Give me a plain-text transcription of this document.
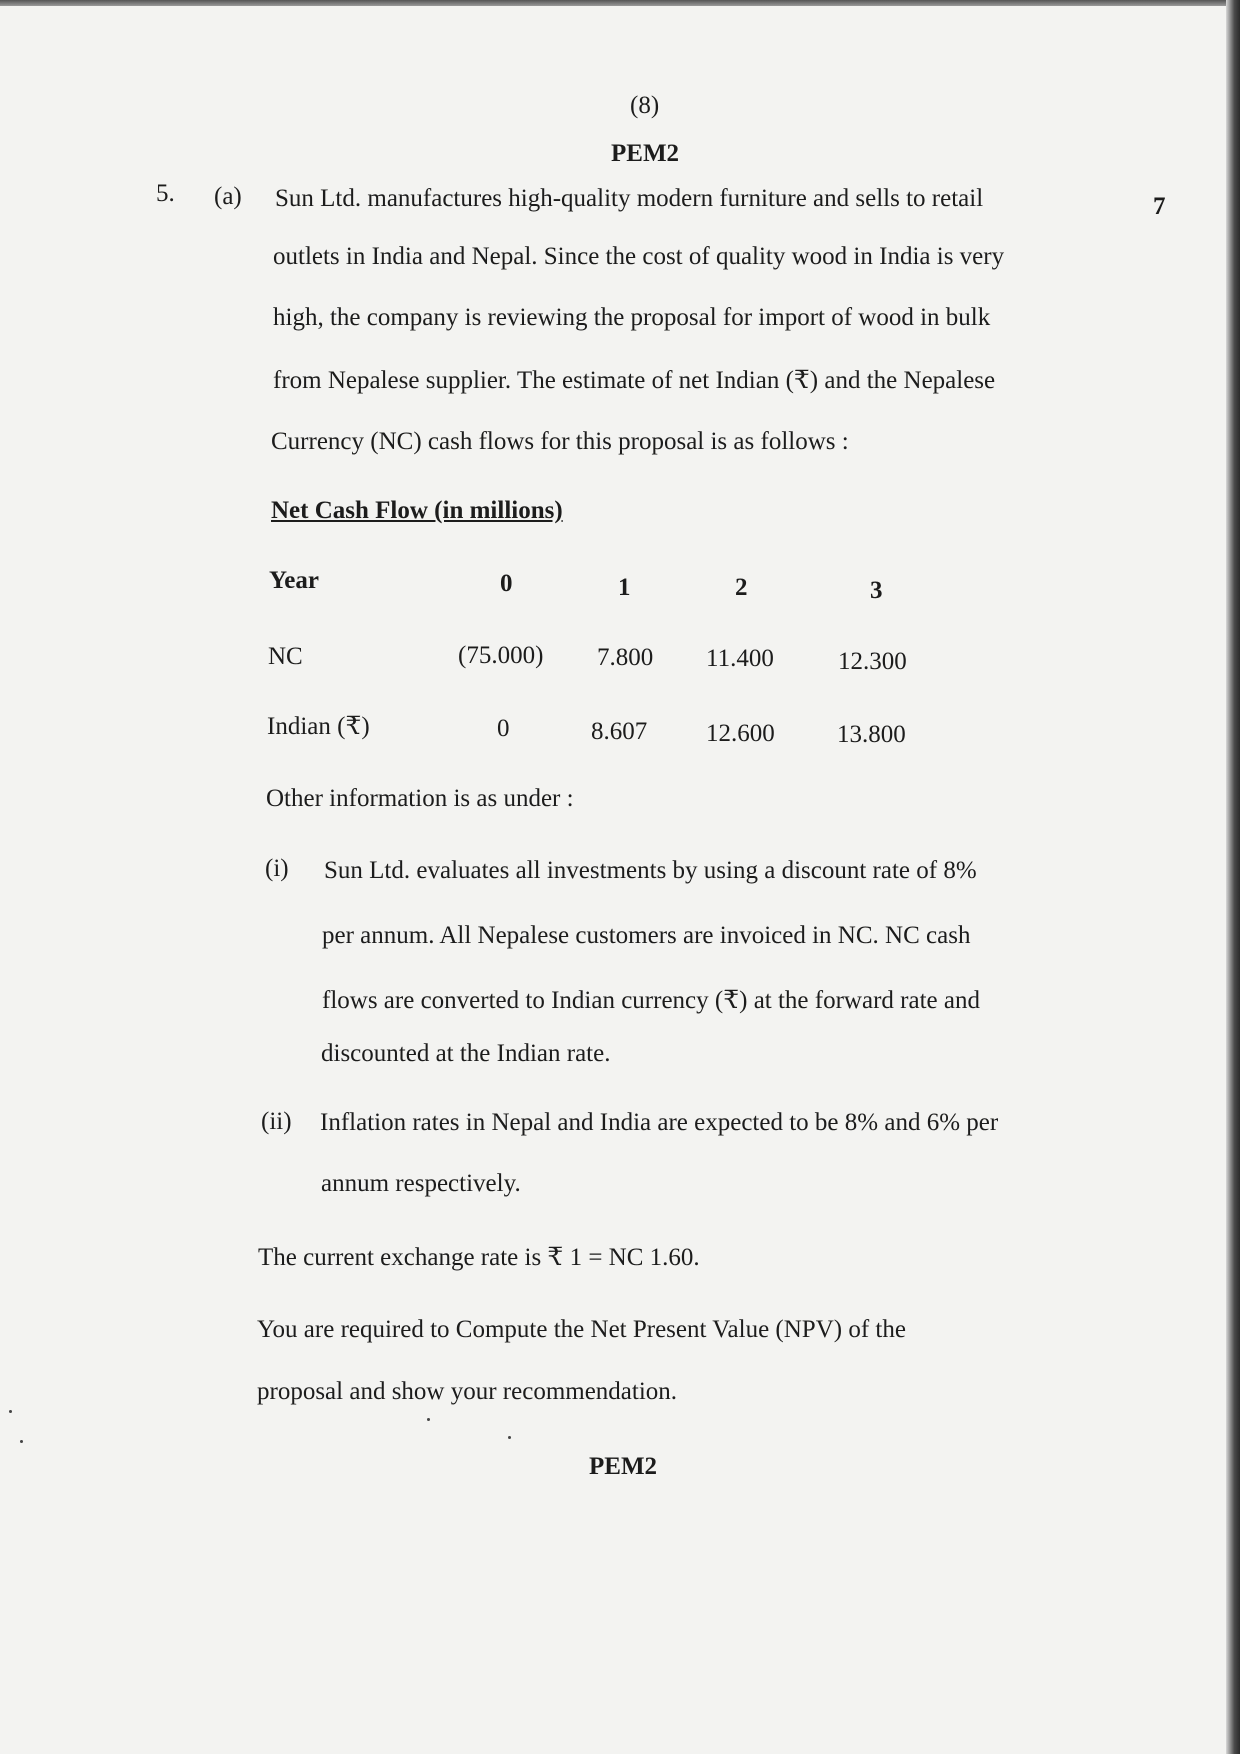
(8)
PEM2
5. (a)	7
Sun Ltd. manufactures high-quality modern furniture and sells to retail
outlets in India and Nepal. Since the cost of quality wood in India is very
high, the company is reviewing the proposal for import of wood in bulk
from Nepalese supplier. The estimate of net Indian (₹) and the Nepalese
Currency (NC) cash flows for this proposal is as follows :
Net Cash Flow (in millions)
Year	0	1	2	3
NC	(75.000) 7.800 11.400	12.300
Indian (₹)	0	8.607 12.600 13.800
Other information is as under :
(i) Sun Ltd. evaluates all investments by using a discount rate of 8%
per annum. All Nepalese customers are invoiced in NC. NC cash
flows are converted to Indian currency (₹) at the forward rate and
discounted at the Indian rate.
(ii) Inflation rates in Nepal and India are expected to be 8% and 6% per
annum respectively.
The current exchange rate is ₹ 1 = NC 1.60.
You are required to Compute the Net Present Value (NPV) of the
proposal and show your recommendation.
PEM2
